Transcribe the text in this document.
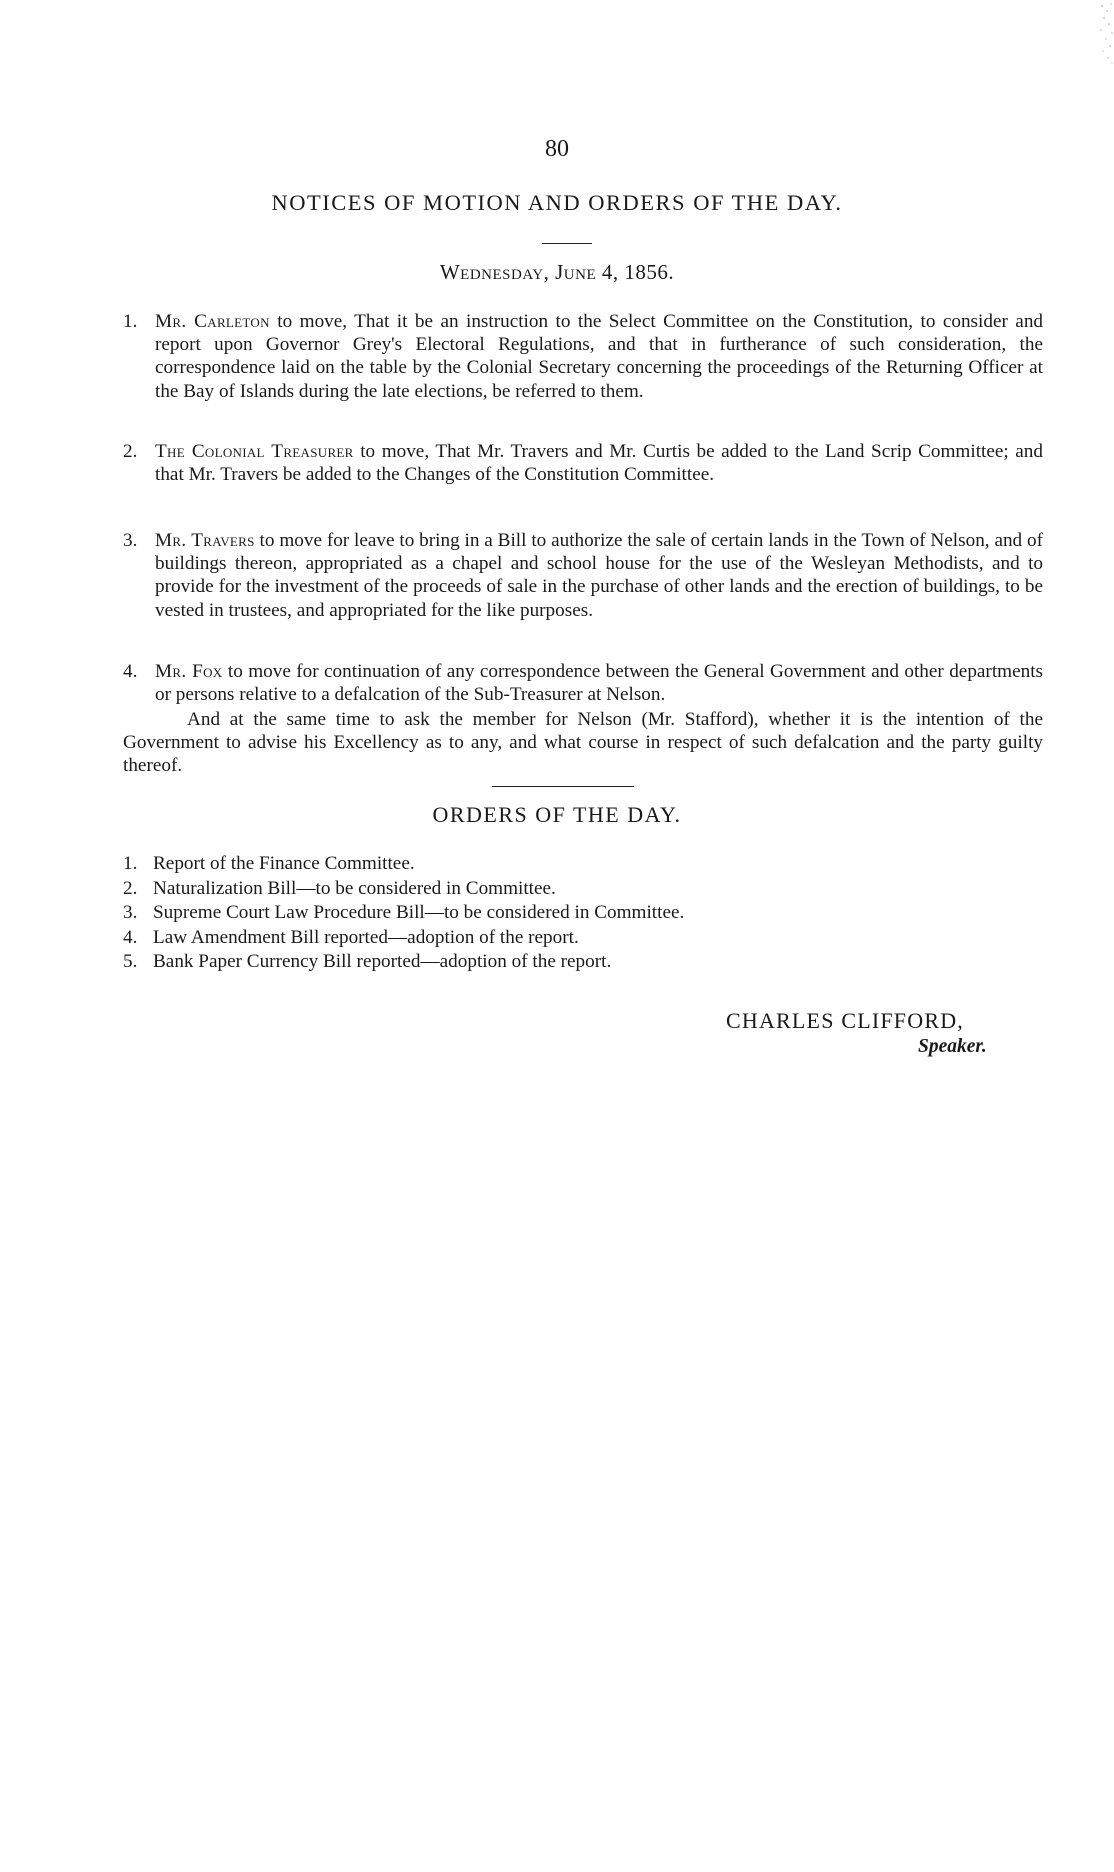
80
NOTICES OF MOTION AND ORDERS OF THE DAY.
Wednesday, June 4, 1856.
1. Mr. Carleton to move, That it be an instruction to the Select Committee on the Constitution, to consider and report upon Governor Grey's Electoral Regulations, and that in furtherance of such consideration, the correspondence laid on the table by the Colonial Secretary concerning the proceedings of the Returning Officer at the Bay of Islands during the late elections, be referred to them.
2. The Colonial Treasurer to move, That Mr. Travers and Mr. Curtis be added to the Land Scrip Committee; and that Mr. Travers be added to the Changes of the Constitution Committee.
3. Mr. Travers to move for leave to bring in a Bill to authorize the sale of certain lands in the Town of Nelson, and of buildings thereon, appropriated as a chapel and school house for the use of the Wesleyan Methodists, and to provide for the investment of the proceeds of sale in the purchase of other lands and the erection of buildings, to be vested in trustees, and appropriated for the like purposes.
4. Mr. Fox to move for continuation of any correspondence between the General Government and other departments or persons relative to a defalcation of the Sub-Treasurer at Nelson.
And at the same time to ask the member for Nelson (Mr. Stafford), whether it is the intention of the Government to advise his Excellency as to any, and what course in respect of such defalcation and the party guilty thereof.
ORDERS OF THE DAY.
1. Report of the Finance Committee.
2. Naturalization Bill—to be considered in Committee.
3. Supreme Court Law Procedure Bill—to be considered in Committee.
4. Law Amendment Bill reported—adoption of the report.
5. Bank Paper Currency Bill reported—adoption of the report.
CHARLES CLIFFORD,
Speaker.
